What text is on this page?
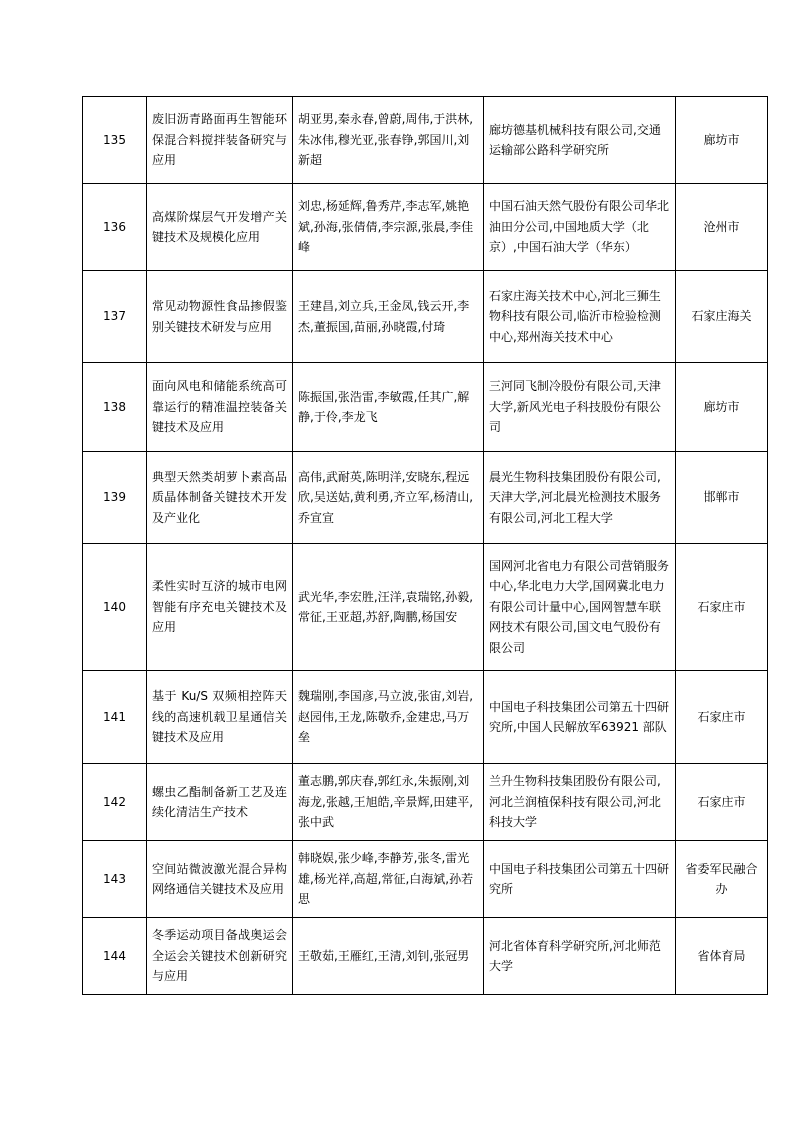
135	废旧沥青路面再生智能环保混合料搅拌装备研究与应用	胡亚男,秦永春,曾蔚,周伟,于洪林,朱冰伟,穆光亚,张春铮,郭国川,刘新超	廊坊德基机械科技有限公司,交通运输部公路科学研究所	廊坊市

136	高煤阶煤层气开发增产关键技术及规模化应用	刘忠,杨延辉,鲁秀芹,李志军,姚艳斌,孙海,张倩倩,李宗源,张晨,李佳峰	中国石油天然气股份有限公司华北油田分公司,中国地质大学（北京）,中国石油大学（华东）	沧州市

137	常见动物源性食品掺假鉴别关键技术研发与应用	王建昌,刘立兵,王金凤,钱云开,李杰,董振国,苗丽,孙晓霞,付琦	石家庄海关技术中心,河北三狮生物科技有限公司,临沂市检验检测中心,郑州海关技术中心	石家庄海关

138	面向风电和储能系统高可靠运行的精准温控装备关键技术及应用	陈振国,张浩雷,李敏霞,任其广,解静,于伶,李龙飞	三河同飞制冷股份有限公司,天津大学,新风光电子科技股份有限公司	廊坊市

139	典型天然类胡萝卜素高品质晶体制备关键技术开发及产业化	高伟,武耐英,陈明洋,安晓东,程远欣,吴送姑,黄利勇,齐立军,杨清山,乔宣宣	晨光生物科技集团股份有限公司,天津大学,河北晨光检测技术服务有限公司,河北工程大学	邯郸市

140	柔性实时互济的城市电网智能有序充电关键技术及应用	武光华,李宏胜,汪洋,袁瑞铭,孙毅,常征,王亚超,苏舒,陶鹏,杨国安	国网河北省电力有限公司营销服务中心,华北电力大学,国网冀北电力有限公司计量中心,国网智慧车联网技术有限公司,国文电气股份有限公司	石家庄市

141	基于 Ku/S 双频相控阵天线的高速机载卫星通信关键技术及应用	魏瑞刚,李国彦,马立波,张宙,刘岩,赵园伟,王龙,陈敬乔,金建忠,马万垒	中国电子科技集团公司第五十四研究所,中国人民解放军63921 部队	石家庄市

142	螺虫乙酯制备新工艺及连续化清洁生产技术	董志鹏,郭庆春,郭红永,朱振刚,刘海龙,张越,王旭皓,辛景辉,田建平,张中武	兰升生物科技集团股份有限公司,河北兰润植保科技有限公司,河北科技大学	石家庄市

143	空间站微波激光混合异构网络通信关键技术及应用	韩晓娱,张少峰,李静芳,张冬,雷光雄,杨光祥,高超,常征,白海斌,孙若思	中国电子科技集团公司第五十四研究所	省委军民融合办

144	冬季运动项目备战奥运会全运会关键技术创新研究与应用	王敬茹,王雁红,王清,刘钊,张冠男	河北省体育科学研究所,河北师范大学	省体育局
